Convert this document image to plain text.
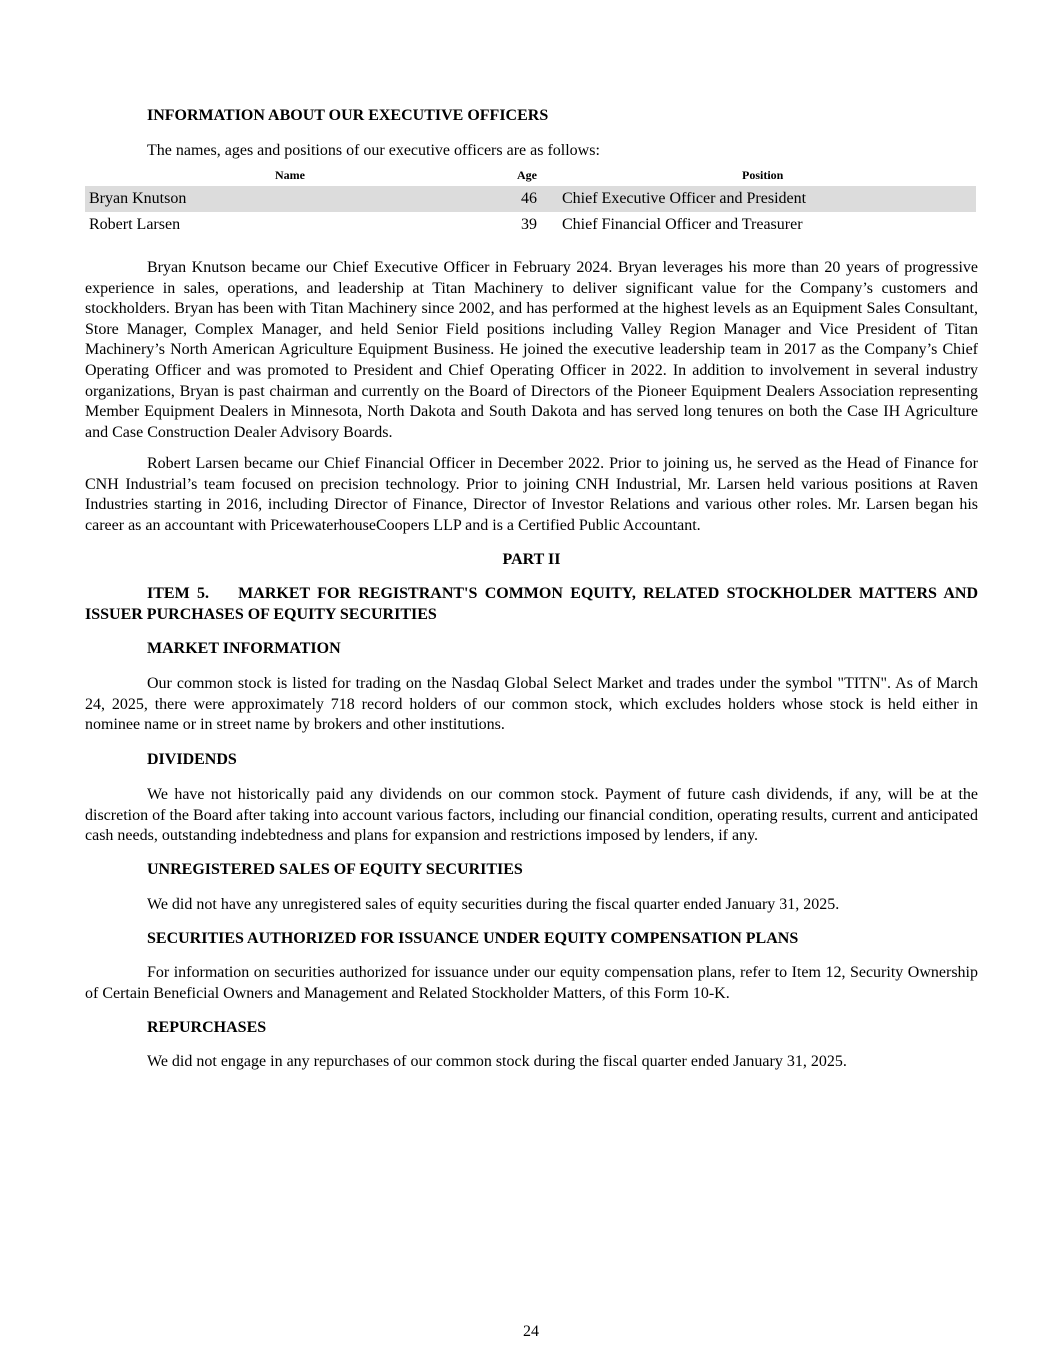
INFORMATION ABOUT OUR EXECUTIVE OFFICERS

The names, ages and positions of our executive officers are as follows:

Name	Age	Position
Bryan Knutson	46 Chief Executive Officer and President
Robert Larsen	39 Chief Financial Officer and Treasurer

Bryan Knutson became our Chief Executive Officer in February 2024. Bryan leverages his more than 20 years of progressive experience in sales, operations, and leadership at Titan Machinery to deliver significant value for the Company’s customers and stockholders. Bryan has been with Titan Machinery since 2002, and has performed at the highest levels as an Equipment Sales Consultant, Store Manager, Complex Manager, and held Senior Field positions including Valley Region Manager and Vice President of Titan Machinery’s North American Agriculture Equipment Business. He joined the executive leadership team in 2017 as the Company’s Chief Operating Officer and was promoted to President and Chief Operating Officer in 2022. In addition to involvement in several industry organizations, Bryan is past chairman and currently on the Board of Directors of the Pioneer Equipment Dealers Association representing Member Equipment Dealers in Minnesota, North Dakota and South Dakota and has served long tenures on both the Case IH Agriculture and Case Construction Dealer Advisory Boards.

Robert Larsen became our Chief Financial Officer in December 2022. Prior to joining us, he served as the Head of Finance for CNH Industrial’s team focused on precision technology. Prior to joining CNH Industrial, Mr. Larsen held various positions at Raven Industries starting in 2016, including Director of Finance, Director of Investor Relations and various other roles. Mr. Larsen began his career as an accountant with PricewaterhouseCoopers LLP and is a Certified Public Accountant.

PART II

ITEM 5.    MARKET FOR REGISTRANT'S COMMON EQUITY, RELATED STOCKHOLDER MATTERS AND ISSUER PURCHASES OF EQUITY SECURITIES

MARKET INFORMATION

Our common stock is listed for trading on the Nasdaq Global Select Market and trades under the symbol "TITN". As of March 24, 2025, there were approximately 718 record holders of our common stock, which excludes holders whose stock is held either in nominee name or in street name by brokers and other institutions.

DIVIDENDS

We have not historically paid any dividends on our common stock. Payment of future cash dividends, if any, will be at the discretion of the Board after taking into account various factors, including our financial condition, operating results, current and anticipated cash needs, outstanding indebtedness and plans for expansion and restrictions imposed by lenders, if any.

UNREGISTERED SALES OF EQUITY SECURITIES

We did not have any unregistered sales of equity securities during the fiscal quarter ended January 31, 2025.

SECURITIES AUTHORIZED FOR ISSUANCE UNDER EQUITY COMPENSATION PLANS

For information on securities authorized for issuance under our equity compensation plans, refer to Item 12, Security Ownership of Certain Beneficial Owners and Management and Related Stockholder Matters, of this Form 10-K.

REPURCHASES

We did not engage in any repurchases of our common stock during the fiscal quarter ended January 31, 2025.

24
